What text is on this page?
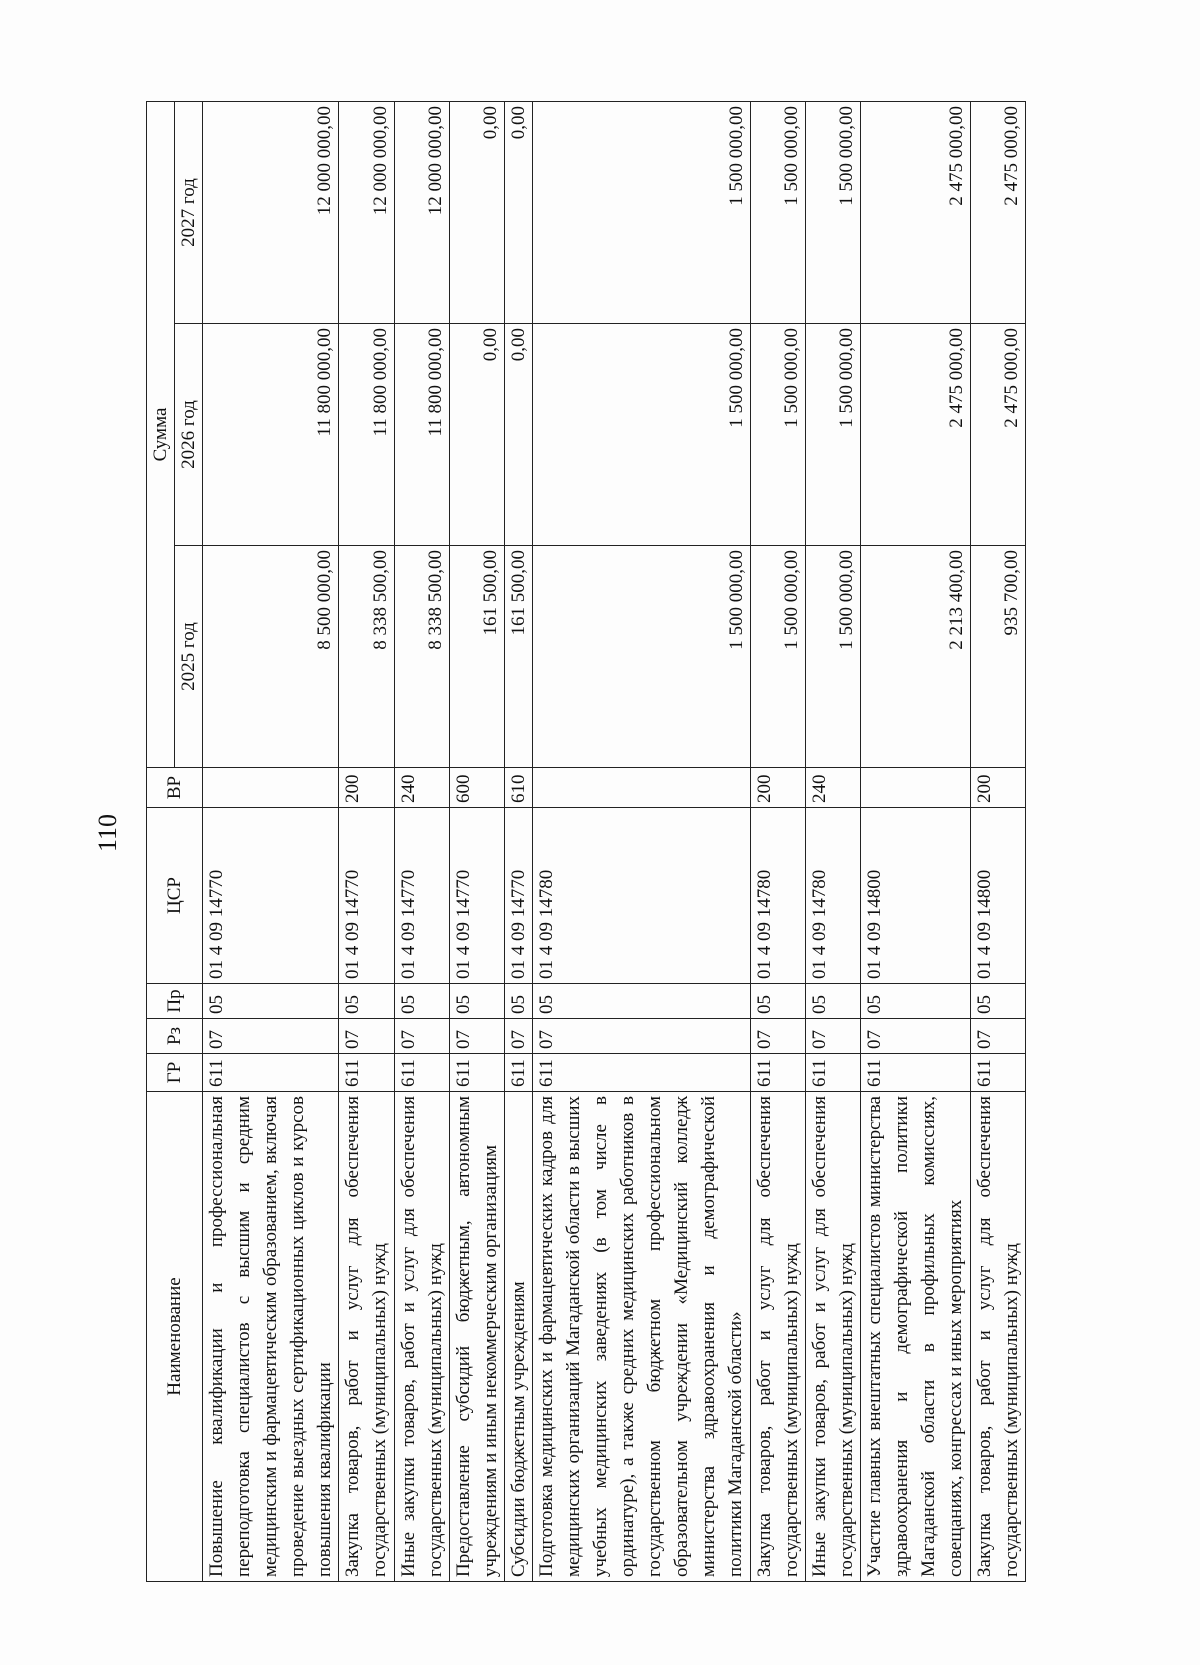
110
Наименование	ГР	Рз	Пр	ЦСР	ВР	Сумма		
						2025 год	2026 год	2027 год
Повышение квалификации и профессиональная переподготовка специалистов с высшим и средним медицинским и фармацевтическим образованием, включая проведение выездных сертификационных циклов и курсов повышения квалификации	611	07	05	01 4 09 14770		8 500 000,00	11 800 000,00	12 000 000,00
Закупка товаров, работ и услуг для обеспечения государственных (муниципальных) нужд	611	07	05	01 4 09 14770	200	8 338 500,00	11 800 000,00	12 000 000,00
Иные закупки товаров, работ и услуг для обеспечения государственных (муниципальных) нужд	611	07	05	01 4 09 14770	240	8 338 500,00	11 800 000,00	12 000 000,00
Предоставление субсидий бюджетным, автономным учреждениям и иным некоммерческим организациям	611	07	05	01 4 09 14770	600	161 500,00	0,00	0,00
Субсидии бюджетным учреждениям	611	07	05	01 4 09 14770	610	161 500,00	0,00	0,00
Подготовка медицинских и фармацевтических кадров для медицинских организаций Магаданской области в высших учебных медицинских заведениях (в том числе в ординатуре), а также средних медицинских работников в государственном бюджетном профессиональном образовательном учреждении «Медицинский колледж министерства здравоохранения и демографической политики Магаданской области»	611	07	05	01 4 09 14780		1 500 000,00	1 500 000,00	1 500 000,00
Закупка товаров, работ и услуг для обеспечения государственных (муниципальных) нужд	611	07	05	01 4 09 14780	200	1 500 000,00	1 500 000,00	1 500 000,00
Иные закупки товаров, работ и услуг для обеспечения государственных (муниципальных) нужд	611	07	05	01 4 09 14780	240	1 500 000,00	1 500 000,00	1 500 000,00
Участие главных внештатных специалистов министерства здравоохранения и демографической политики Магаданской области в профильных комиссиях, совещаниях, конгрессах и иных мероприятиях	611	07	05	01 4 09 14800		2 213 400,00	2 475 000,00	2 475 000,00
Закупка товаров, работ и услуг для обеспечения государственных (муниципальных) нужд	611	07	05	01 4 09 14800	200	935 700,00	2 475 000,00	2 475 000,00
